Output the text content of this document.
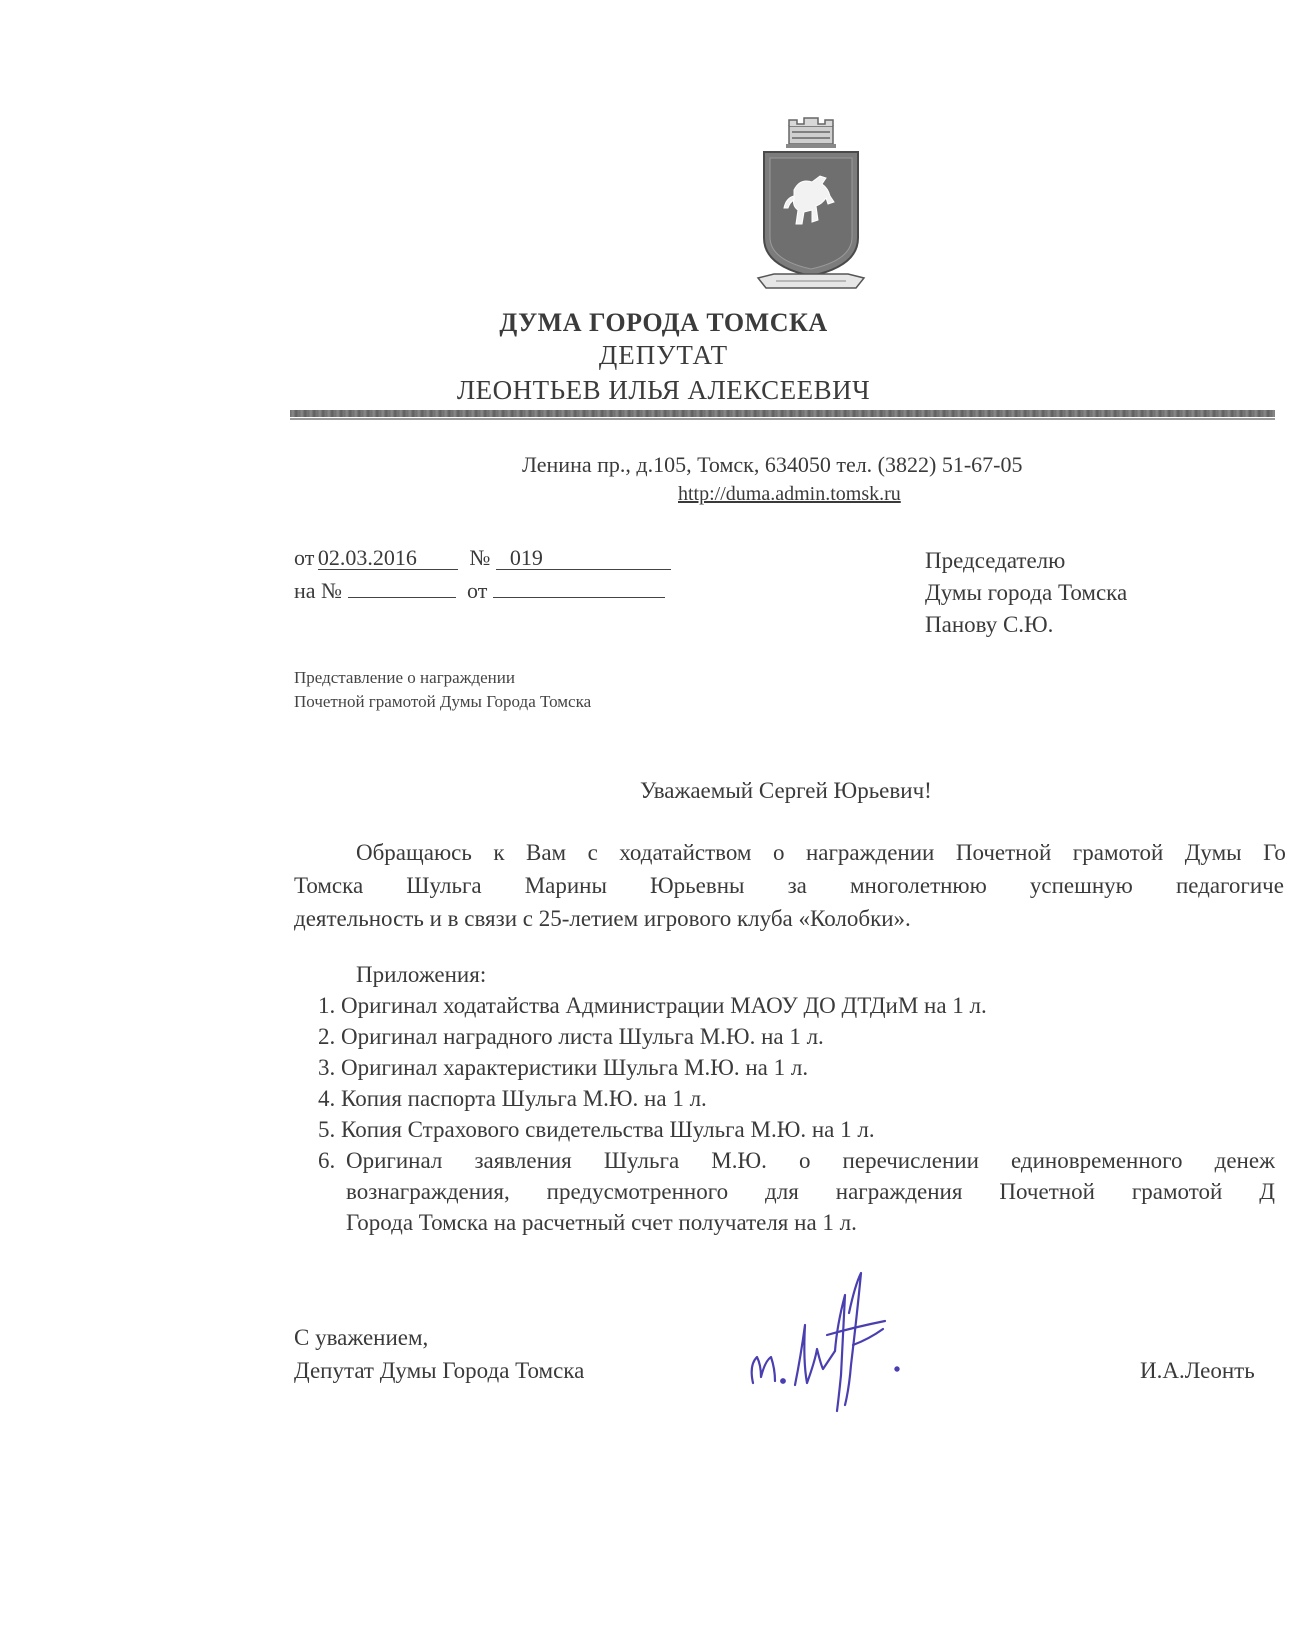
ДУМА ГОРОДА ТОМСКА
ДЕПУТАТ
ЛЕОНТЬЕВ ИЛЬЯ АЛЕКСЕЕВИЧ
Ленина пр., д.105, Томск, 634050 тел. (3822) 51-67-05
http://duma.admin.tomsk.ru
от 02.03.2016 № 019
на №	от
Председателю
Думы города Томска
Панову С.Ю.
Представление о награждении
Почетной грамотой Думы Города Томска
Уважаемый Сергей Юрьевич!
Обращаюсь к Вам с ходатайством о награждении Почетной грамотой Думы Го
Томска Шульга Марины Юрьевны за многолетнюю успешную педагогиче
деятельность и в связи с 25-летием игрового клуба «Колобки».
Приложения:
1. Оригинал ходатайства Администрации МАОУ ДО ДТДиМ на 1 л.
2. Оригинал наградного листа Шульга М.Ю. на 1 л.
3. Оригинал характеристики Шульга М.Ю. на 1 л.
4. Копия паспорта Шульга М.Ю. на 1 л.
5. Копия Страхового свидетельства Шульга М.Ю. на 1 л.
6. Оригинал заявления Шульга М.Ю. о перечислении единовременного денеж
вознаграждения, предусмотренного для награждения Почетной грамотой Д
Города Томска на расчетный счет получателя на 1 л.
С уважением,
Депутат Думы Города Томска	И.А.Леонть
